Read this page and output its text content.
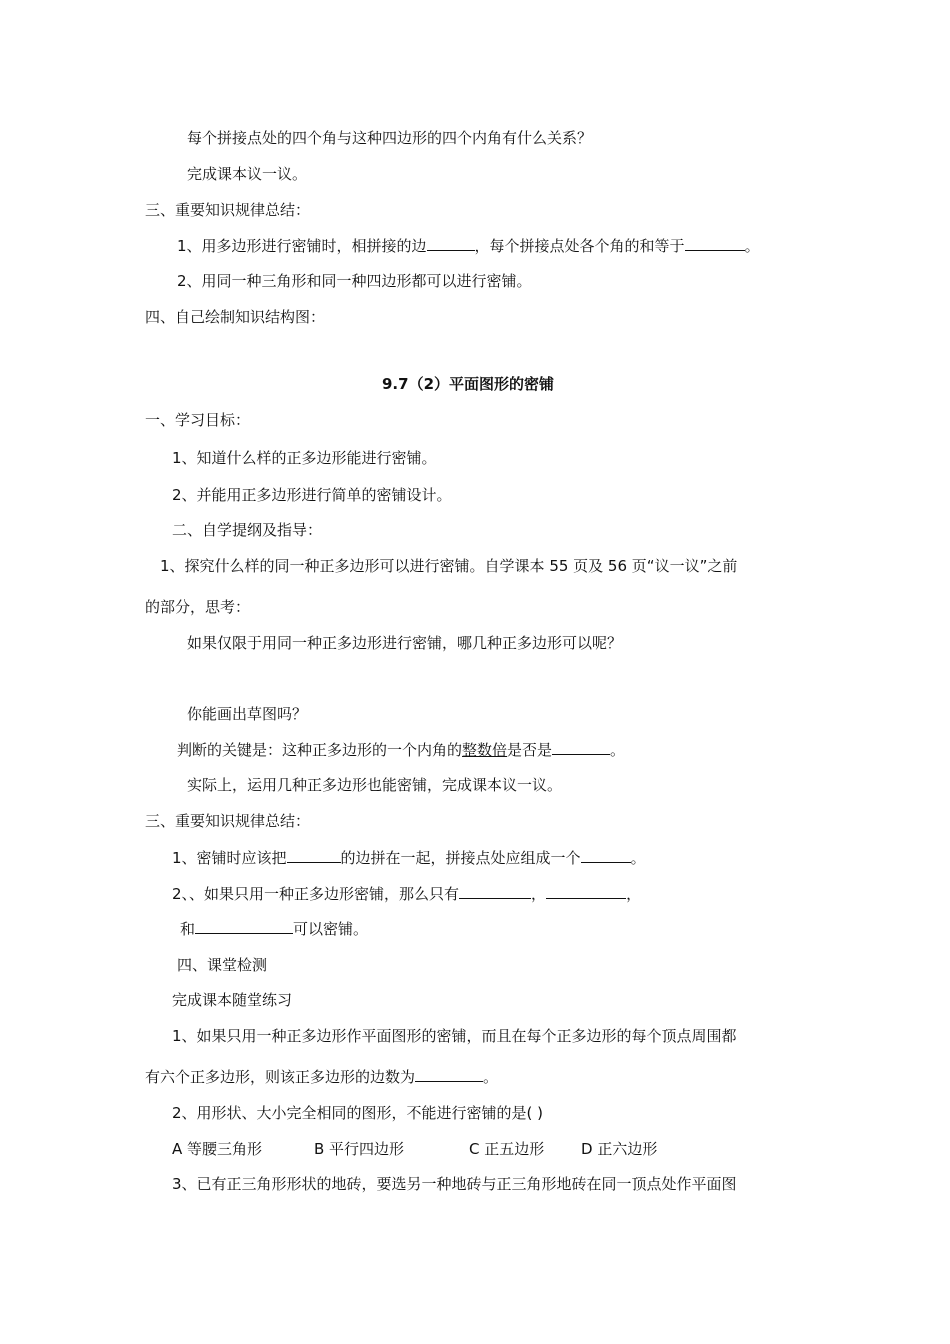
每个拼接点处的四个角与这种四边形的四个内角有什么关系？
完成课本议一议。
三、重要知识规律总结：
1、用多边形进行密铺时，相拼接的边	，每个拼接点处各个角的和等于	。
2、用同一种三角形和同一种四边形都可以进行密铺。
四、自己绘制知识结构图：
9.7（2）平面图形的密铺
一、学习目标：
1、知道什么样的正多边形能进行密铺。
2、并能用正多边形进行简单的密铺设计。
二、自学提纲及指导：
1、探究什么样的同一种正多边形可以进行密铺。自学课本 55 页及 56 页“议一议”之前
的部分，思考：
如果仅限于用同一种正多边形进行密铺，哪几种正多边形可以呢？
你能画出草图吗？
判断的关键是：这种正多边形的一个内角的整数倍是否是	。
实际上，运用几种正多边形也能密铺，完成课本议一议。
三、重要知识规律总结：
1、密铺时应该把	的边拼在一起，拼接点处应组成一个	。
2、、如果只用一种正多边形密铺，那么只有	，	，
和	可以密铺。
四、课堂检测
完成课本随堂练习
1、如果只用一种正多边形作平面图形的密铺，而且在每个正多边形的每个顶点周围都
有六个正多边形，则该正多边形的边数为	。
2、用形状、大小完全相同的图形，不能进行密铺的是( )
A 等腰三角形	B 平行四边形	C 正五边形 D 正六边形
3、已有正三角形形状的地砖，要选另一种地砖与正三角形地砖在同一顶点处作平面图
